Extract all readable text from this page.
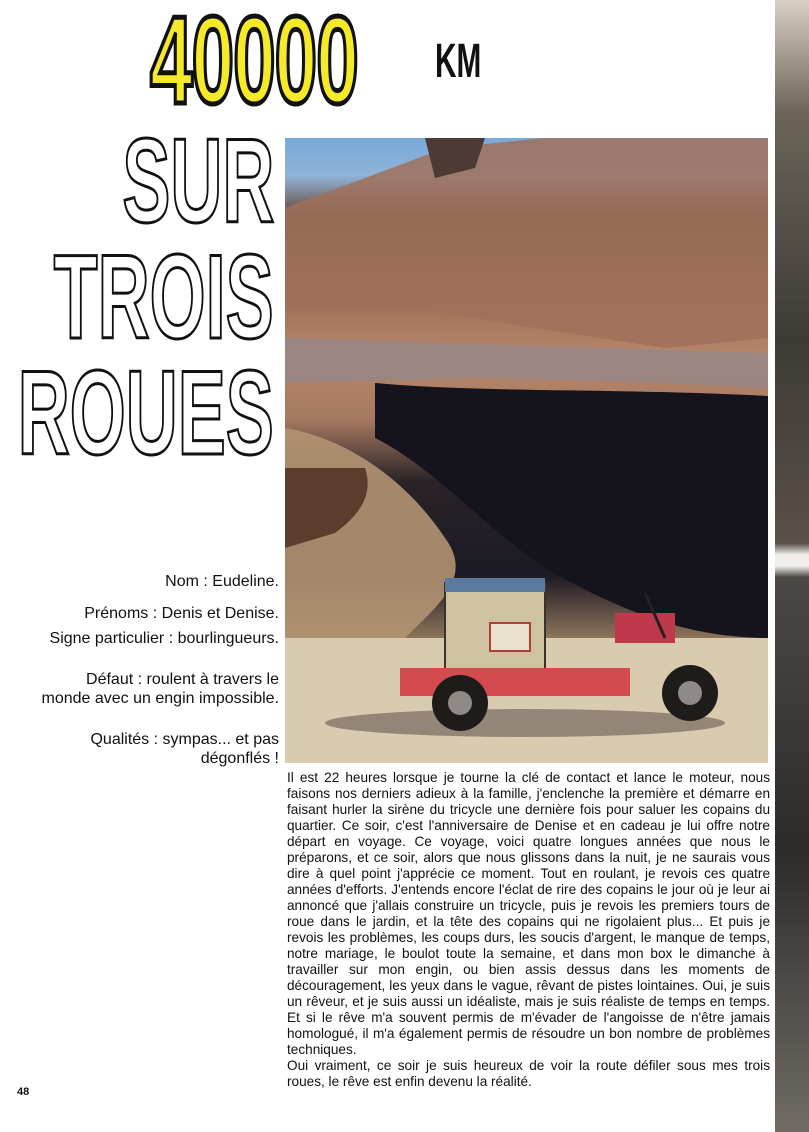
40000 KM
SUR
TROIS
ROUES
Nom : Eudeline.
Prénoms : Denis et Denise.
Signe particulier : bourlingueurs.
Défaut : roulent à travers le monde avec un engin impossible.
Qualités : sympas... et pas dégonflés !

Il est 22 heures lorsque je tourne la clé de contact et lance le moteur, nous faisons nos derniers adieux à la famille, j'enclenche la première et démarre en faisant hurler la sirène du tricycle une dernière fois pour saluer les copains du quartier. Ce soir, c'est l'anniversaire de Denise et en cadeau je lui offre notre départ en voyage. Ce voyage, voici quatre longues années que nous le préparons, et ce soir, alors que nous glissons dans la nuit, je ne saurais vous dire à quel point j'apprécie ce moment. Tout en roulant, je revois ces quatre années d'efforts. J'entends encore l'éclat de rire des copains le jour où je leur ai annoncé que j'allais construire un tricycle, puis je revois les premiers tours de roue dans le jardin, et la tête des copains qui ne rigolaient plus... Et puis je revois les problèmes, les coups durs, les soucis d'argent, le manque de temps, notre mariage, le boulot toute la semaine, et dans mon box le dimanche à travailler sur mon engin, ou bien assis dessus dans les moments de découragement, les yeux dans le vague, rêvant de pistes lointaines. Oui, je suis un rêveur, et je suis aussi un idéaliste, mais je suis réaliste de temps en temps. Et si le rêve m'a souvent permis de m'évader de l'angoisse de n'être jamais homologué, il m'a également permis de résoudre un bon nombre de problèmes techniques.

Oui vraiment, ce soir je suis heureux de voir la route défiler sous mes trois roues, le rêve est enfin devenu la réalité.

48
